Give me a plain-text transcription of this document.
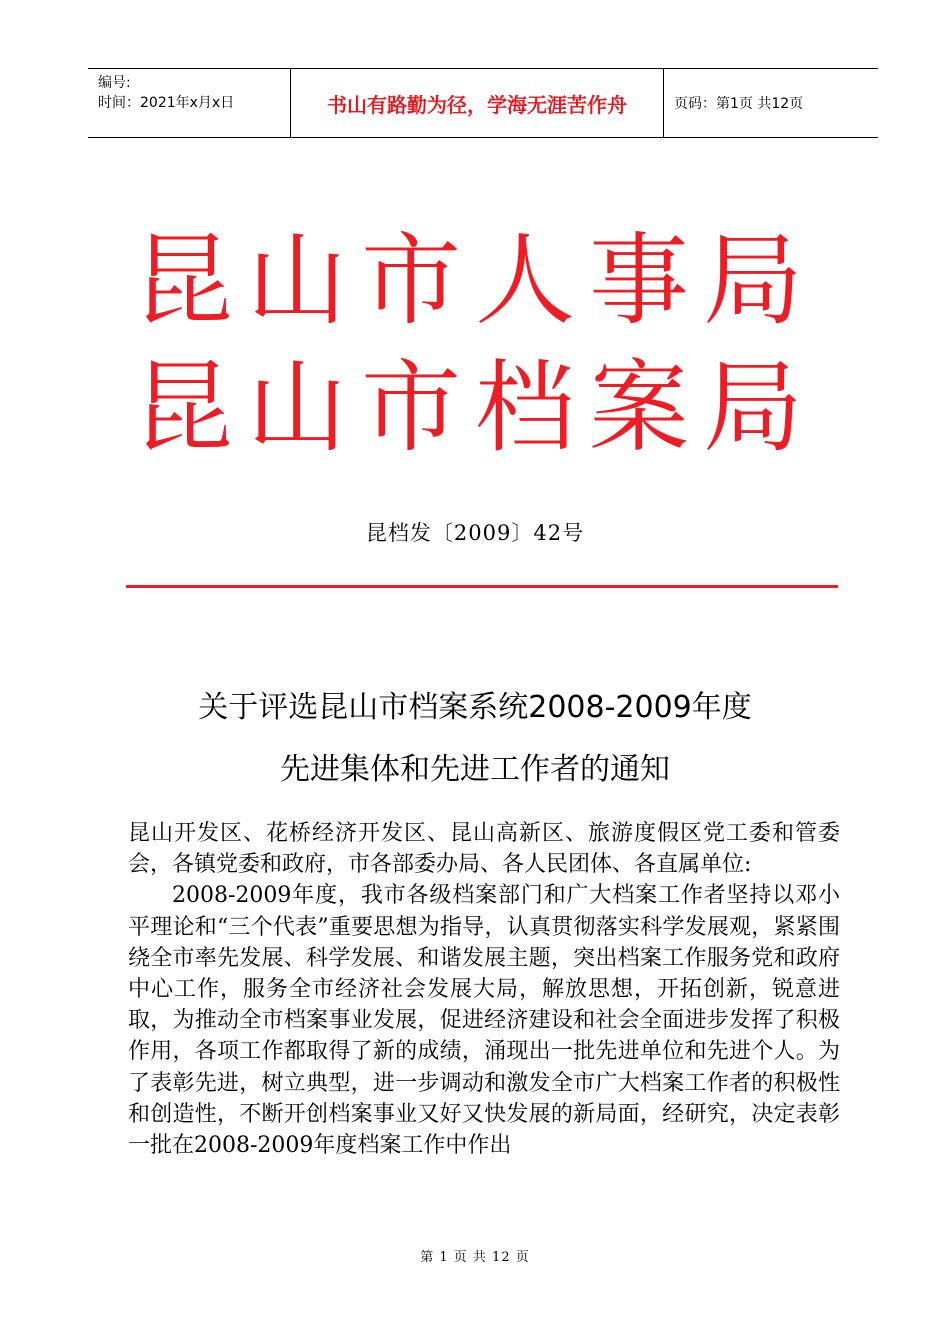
编号:
时间：2021年x月x日	书山有路勤为径，学海无涯苦作舟	页码：第1页 共12页
昆山市人事局
昆山市档案局
昆档发〔2009〕42号
关于评选昆山市档案系统2008-2009年度
先进集体和先进工作者的通知

昆山开发区、花桥经济开发区、昆山高新区、旅游度假区党工委和管委会，各镇党委和政府，市各部委办局、各人民团体、各直属单位:

2008-2009年度，我市各级档案部门和广大档案工作者坚持以邓小平理论和“三个代表”重要思想为指导，认真贯彻落实科学发展观，紧紧围绕全市率先发展、科学发展、和谐发展主题，突出档案工作服务党和政府中心工作，服务全市经济社会发展大局，解放思想，开拓创新，锐意进取，为推动全市档案事业发展，促进经济建设和社会全面进步发挥了积极作用，各项工作都取得了新的成绩，涌现出一批先进单位和先进个人。为了表彰先进，树立典型，进一步调动和激发全市广大档案工作者的积极性和创造性，不断开创档案事业又好又快发展的新局面，经研究，决定表彰一批在2008-2009年度档案工作中作出

第 1 页 共 12 页
